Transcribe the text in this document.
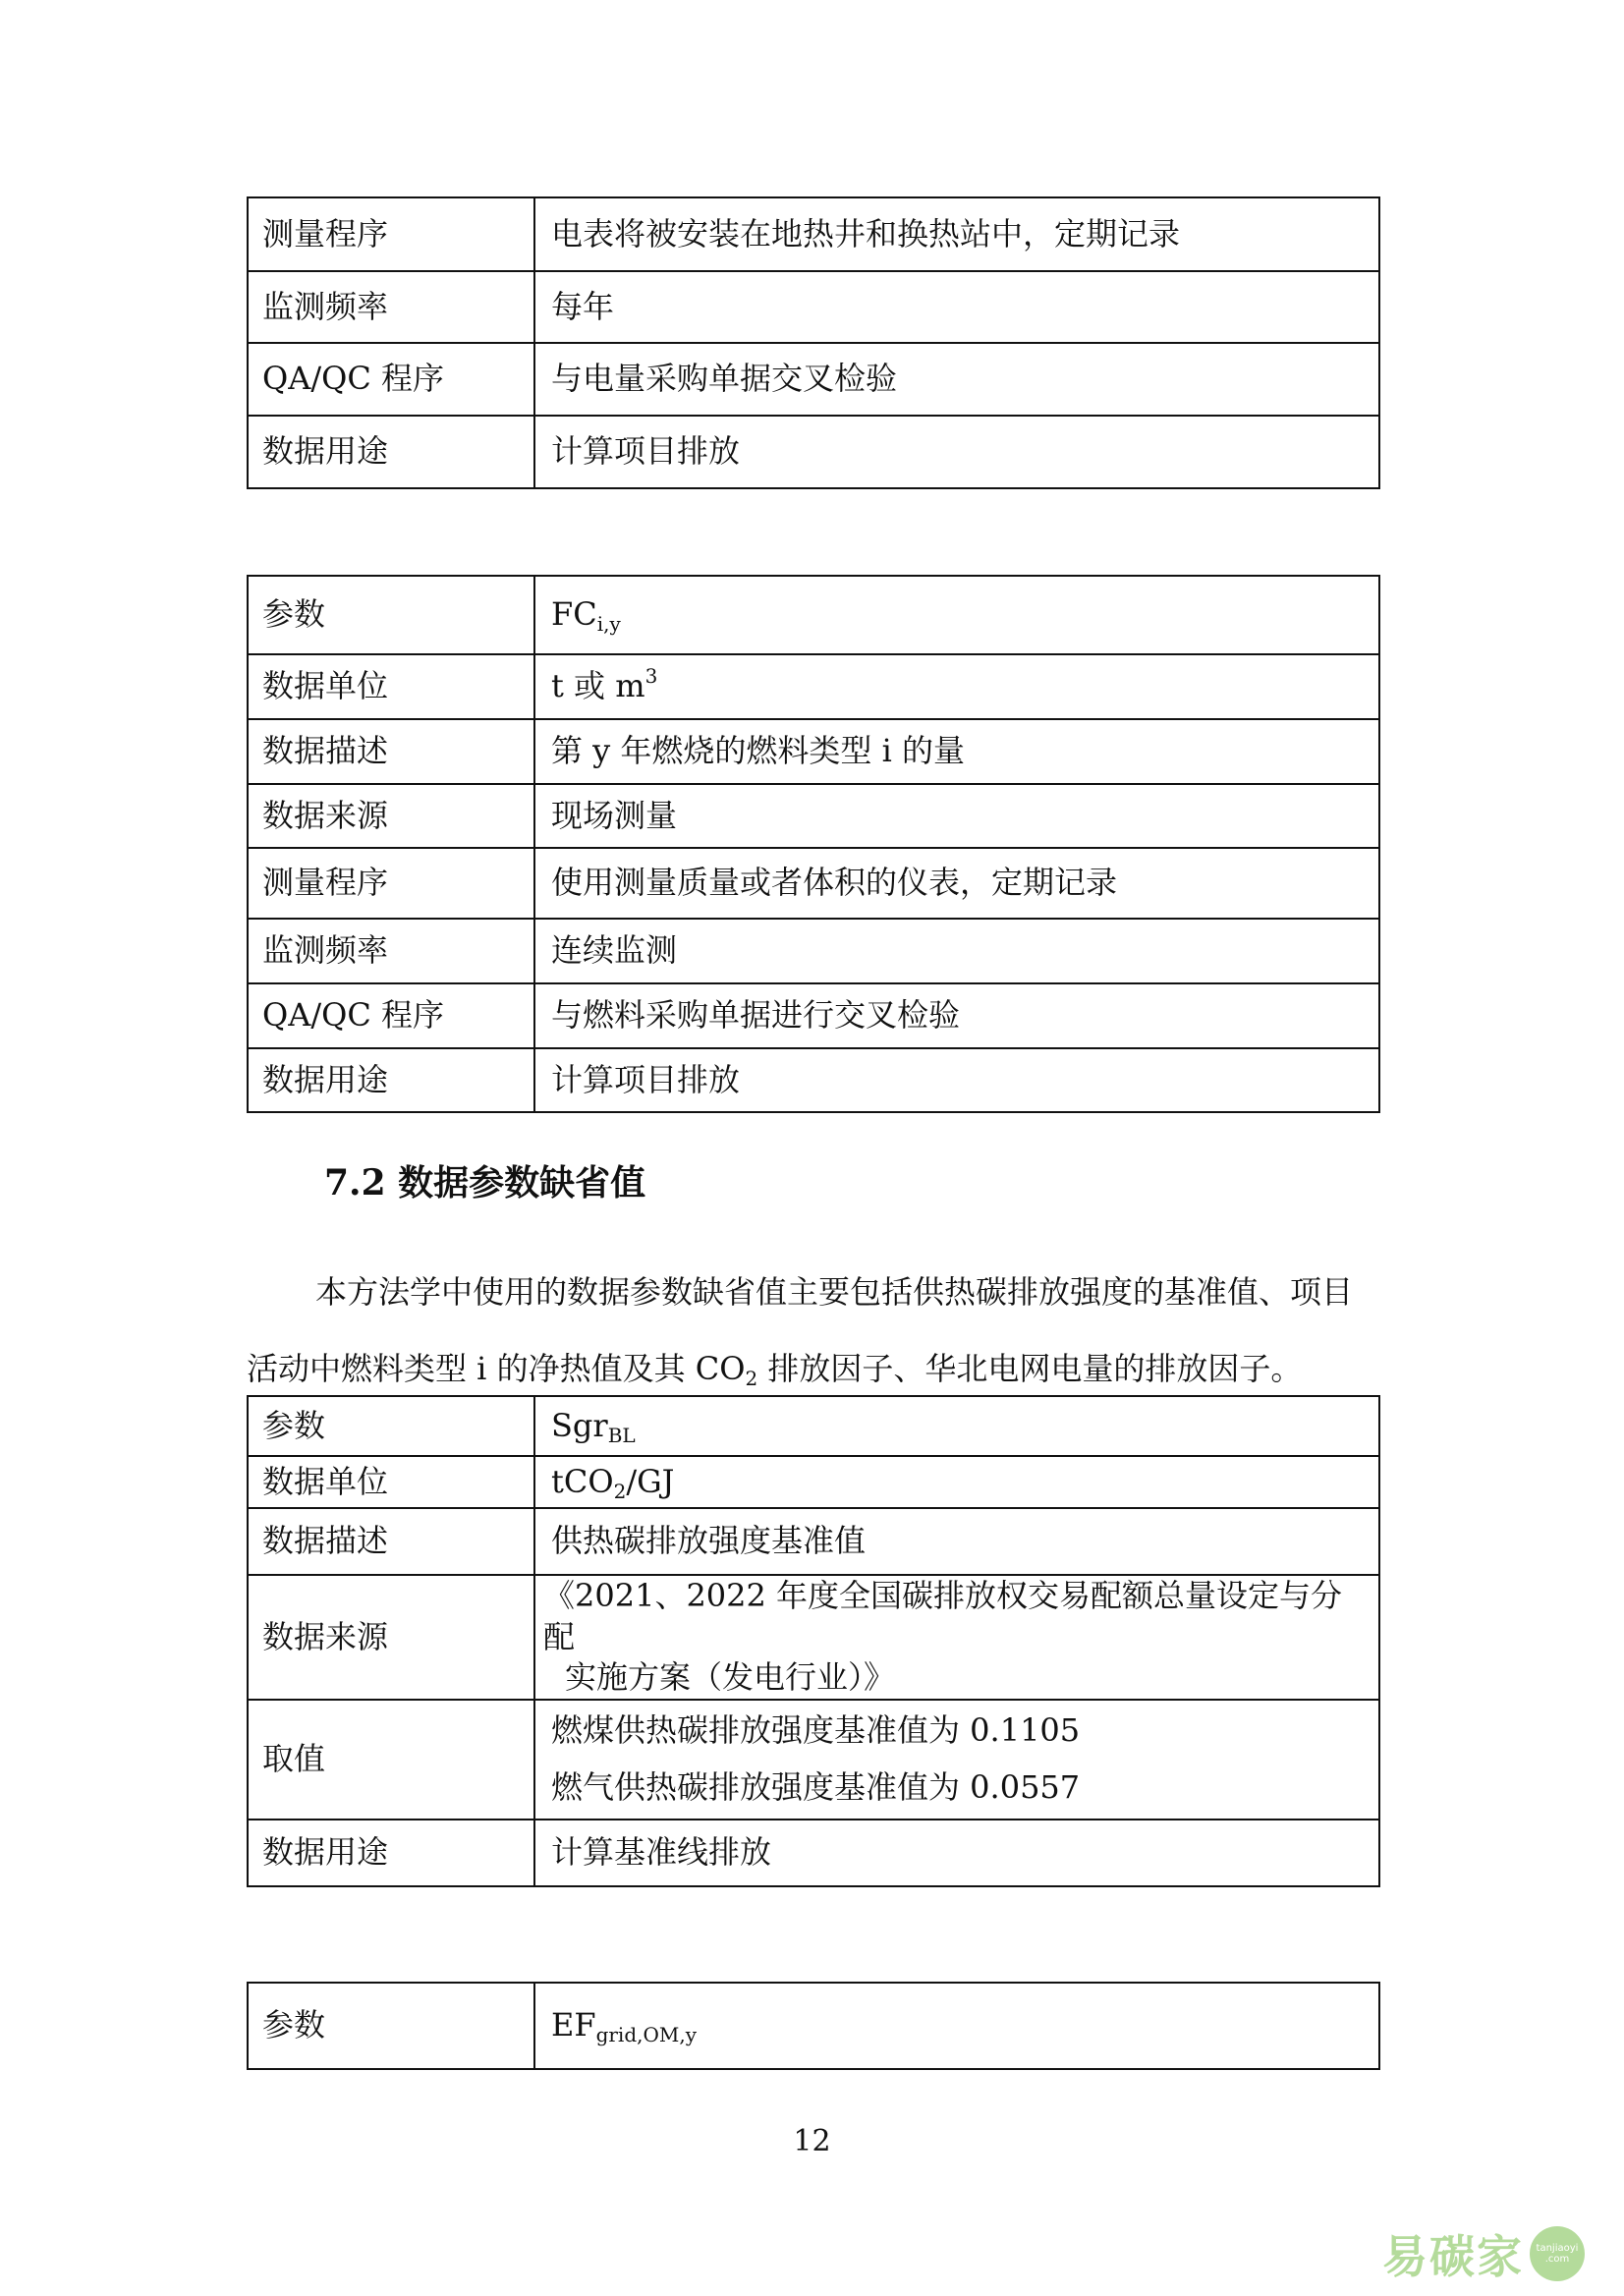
测量程序	电表将被安装在地热井和换热站中，定期记录
监测频率	每年
QA/QC 程序	与电量采购单据交叉检验
数据用途	计算项目排放
参数	$FC_{i,y}$
数据单位	t 或 $m^3$
数据描述	第 y 年燃烧的燃料类型 i 的量
数据来源	现场测量
测量程序	使用测量质量或者体积的仪表，定期记录
监测频率	连续监测
QA/QC 程序	与燃料采购单据进行交叉检验
数据用途	计算项目排放
7.2 数据参数缺省值

本方法学中使用的数据参数缺省值主要包括供热碳排放强度的基准值、项目

活动中燃料类型 i 的净热值及其 $CO_2$ 排放因子、华北电网电量的排放因子。

参数	Sgr$_{BL}$
数据单位	tCO$_2$/GJ
数据描述	供热碳排放强度基准值
数据来源	《2021、2022 年度全国碳排放权交易配额总量设定与分配
实施方案（发电行业）》

取值	燃煤供热碳排放强度基准值为 0.1105
燃气供热碳排放强度基准值为 0.0557

数据用途	计算基准线排放
参数	$EF_{grid,OM,y}$
12
易碳家 tanjiaoyi
.com
